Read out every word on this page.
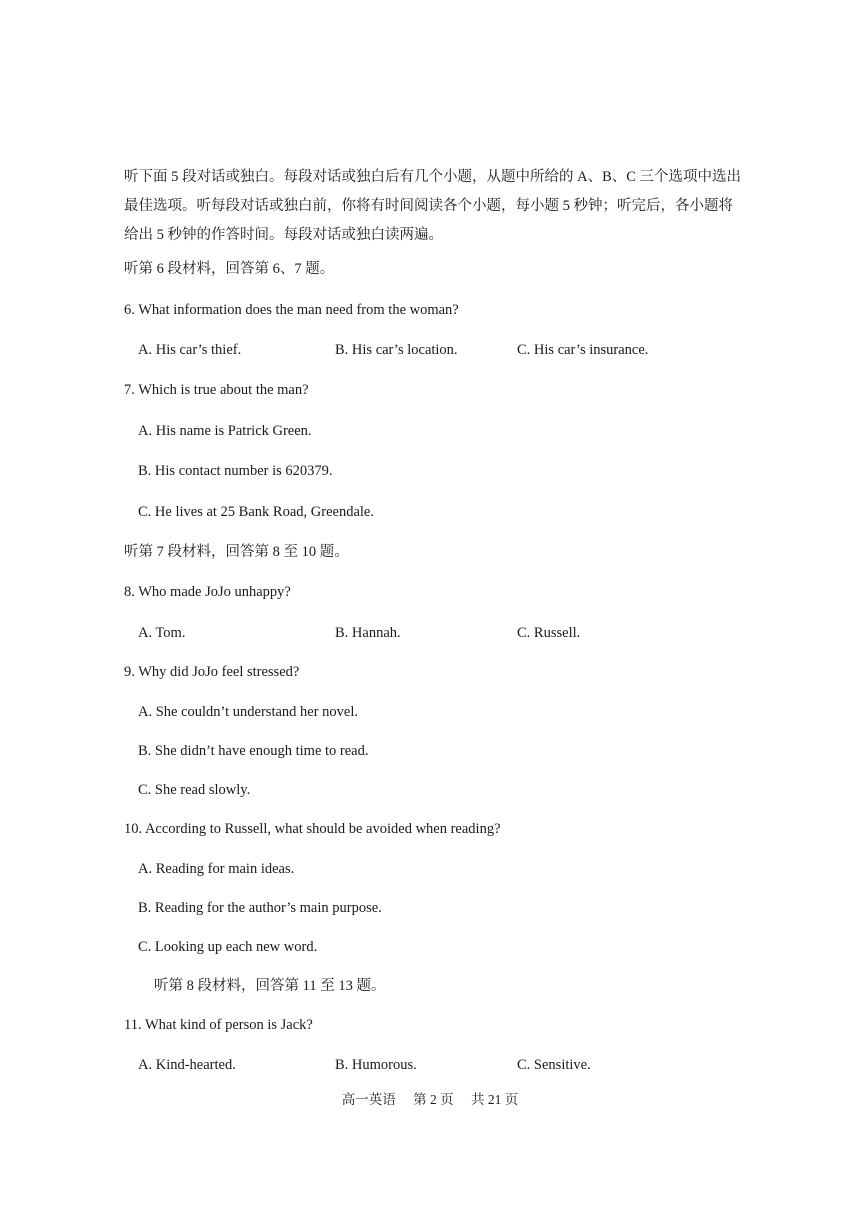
听下面 5 段对话或独白。每段对话或独白后有几个小题，从题中所给的 A、B、C 三个选项中选出最佳选项。听每段对话或独白前，你将有时间阅读各个小题，每小题 5 秒钟；听完后，各小题将给出 5 秒钟的作答时间。每段对话或独白读两遍。
听第 6 段材料，回答第 6、7 题。
6. What information does the man need from the woman?
A. His car’s thief.	B. His car’s location.	C. His car’s insurance.
7. Which is true about the man?
A. His name is Patrick Green.
B. His contact number is 620379.
C. He lives at 25 Bank Road, Greendale.
听第 7 段材料，回答第 8 至 10 题。
8. Who made JoJo unhappy?
A. Tom.	B. Hannah.	C. Russell.
9. Why did JoJo feel stressed?
A. She couldn’t understand her novel.
B. She didn’t have enough time to read.
C. She read slowly.
10. According to Russell, what should be avoided when reading?
A. Reading for main ideas.
B. Reading for the author’s main purpose.
C. Looking up each new word.
听第 8 段材料，回答第 11 至 13 题。
11. What kind of person is Jack?
A. Kind-hearted.	B. Humorous.	C. Sensitive.
高一英语 第 2 页 共 21 页
